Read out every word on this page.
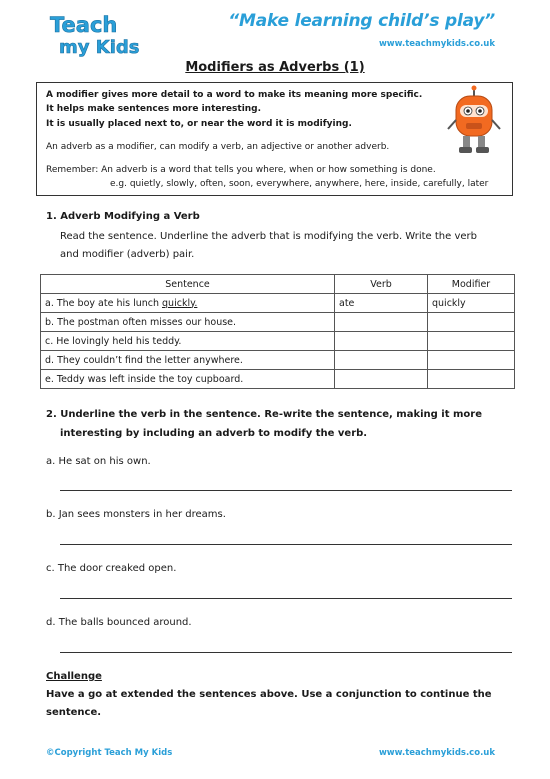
Teach
my Kids
“Make learning child’s play”
www.teachmykids.co.uk
Modifiers as Adverbs (1)
A modifier gives more detail to a word to make its meaning more specific.
It helps make sentences more interesting.
It is usually placed next to, or near the word it is modifying.
An adverb as a modifier, can modify a verb, an adjective or another adverb.
Remember: An adverb is a word that tells you where, when or how something is done.
e.g. quietly, slowly, often, soon, everywhere, anywhere, here, inside, carefully, later
1. Adverb Modifying a Verb
Read the sentence. Underline the adverb that is modifying the verb. Write the verb
and modifier (adverb) pair.
Sentence	Verb	Modifier
a. The boy ate his lunch quickly.	ate	quickly
b. The postman often misses our house.		
c. He lovingly held his teddy.		
d. They couldn’t find the letter anywhere.		
e. Teddy was left inside the toy cupboard.		
2. Underline the verb in the sentence. Re-write the sentence, making it more
interesting by including an adverb to modify the verb.
a. He sat on his own.
b. Jan sees monsters in her dreams.
c. The door creaked open.
d. The balls bounced around.
Challenge
Have a go at extended the sentences above. Use a conjunction to continue the
sentence.
©Copyright Teach My Kids	www.teachmykids.co.uk
